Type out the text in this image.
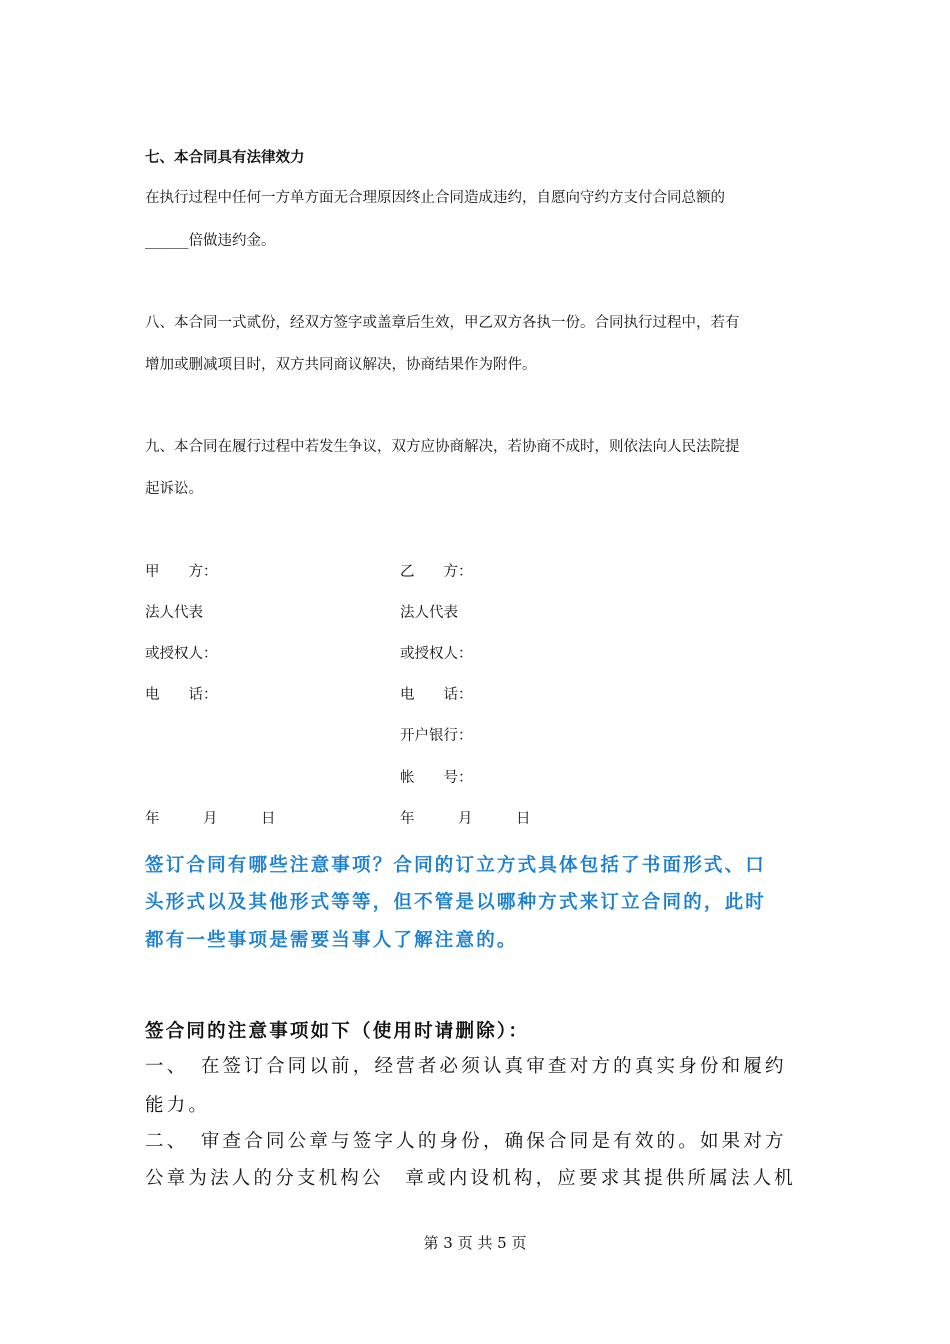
七、本合同具有法律效力
在执行过程中任何一方单方面无合理原因终止合同造成违约，自愿向守约方支付合同总额的
______倍做违约金。
八、本合同一式贰份，经双方签字或盖章后生效，甲乙双方各执一份。合同执行过程中，若有
增加或删减项目时，双方共同商议解决，协商结果作为附件。
九、本合同在履行过程中若发生争议，双方应协商解决，若协商不成时，则依法向人民法院提
起诉讼。
甲　　方：
法人代表
或授权人：
电　　话：
年　　　月　　　日
乙　　方：
法人代表
或授权人：
电　　话：
开户银行：
帐　　号：
年　　　月　　　日
签订合同有哪些注意事项？合同的订立方式具体包括了书面形式、口
头形式以及其他形式等等，但不管是以哪种方式来订立合同的，此时
都有一些事项是需要当事人了解注意的。
签合同的注意事项如下（使用时请删除）：
一、　在签订合同以前，经营者必须认真审查对方的真实身份和履约
能力。
二、　审查合同公章与签字人的身份，确保合同是有效的。如果对方
公章为法人的分支机构公　章或内设机构，应要求其提供所属法人机
第 3 页 共 5 页
